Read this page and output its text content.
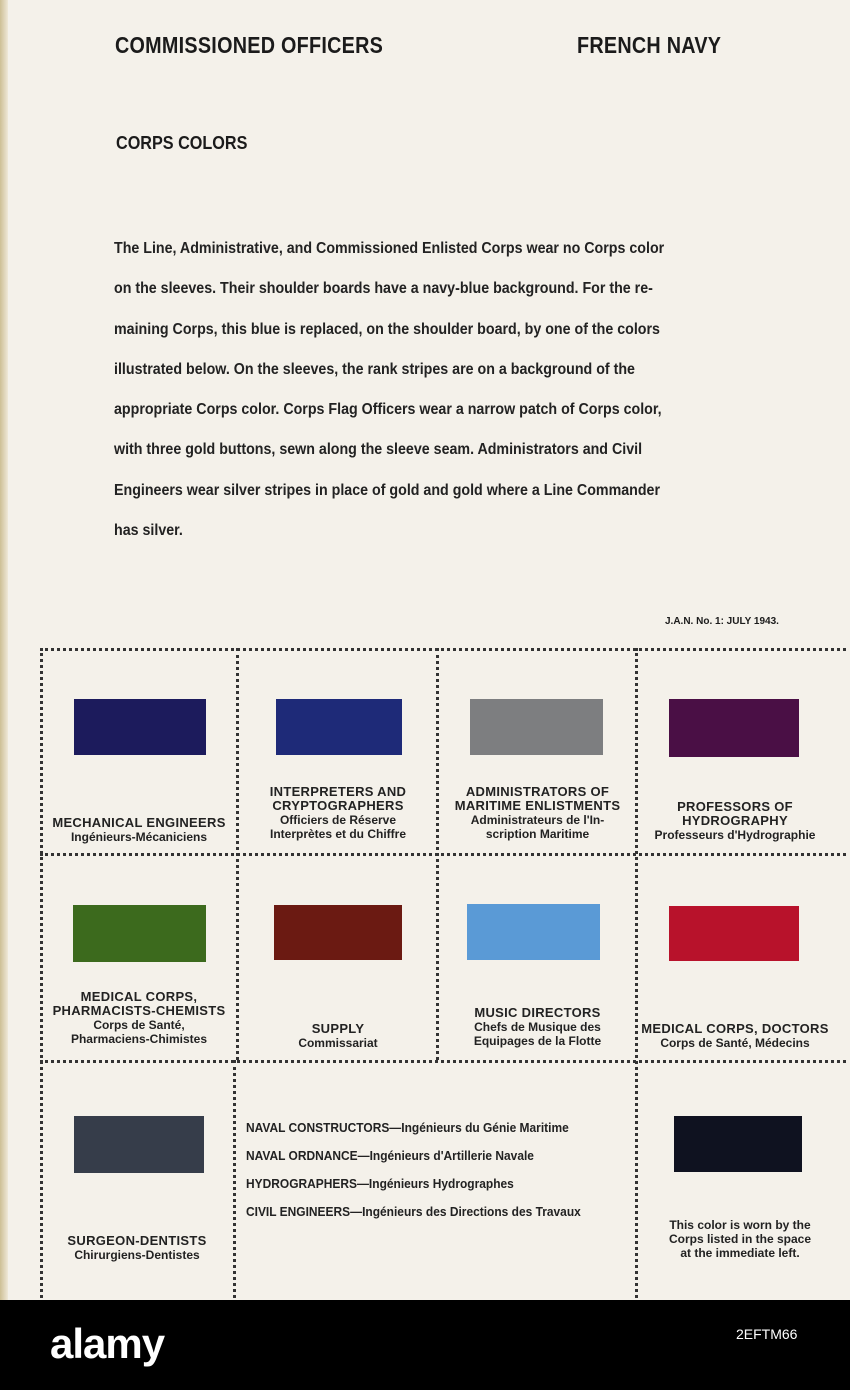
COMMISSIONED OFFICERS	FRENCH NAVY
CORPS COLORS
The Line, Administrative, and Commissioned Enlisted Corps wear no Corps color
on the sleeves. Their shoulder boards have a navy-blue background. For the re-
maining Corps, this blue is replaced, on the shoulder board, by one of the colors
illustrated below. On the sleeves, the rank stripes are on a background of the
appropriate Corps color. Corps Flag Officers wear a narrow patch of Corps color,
with three gold buttons, sewn along the sleeve seam. Administrators and Civil
Engineers wear silver stripes in place of gold and gold where a Line Commander
has silver.
J.A.N. No. 1: JULY 1943.
MECHANICAL ENGINEERS
Ingénieurs-Mécaniciens
INTERPRETERS AND
CRYPTOGRAPHERS
Officiers de Réserve
Interprètes et du Chiffre
ADMINISTRATORS OF
MARITIME ENLISTMENTS
Administrateurs de l'In-
scription Maritime
PROFESSORS OF
HYDROGRAPHY
Professeurs d'Hydrographie
MEDICAL CORPS,
PHARMACISTS-CHEMISTS
Corps de Santé,
Pharmaciens-Chimistes
SUPPLY
Commissariat
MUSIC DIRECTORS
Chefs de Musique des
Equipages de la Flotte
MEDICAL CORPS, DOCTORS
Corps de Santé, Médecins
SURGEON-DENTISTS
Chirurgiens-Dentistes
NAVAL CONSTRUCTORS—Ingénieurs du Génie Maritime
NAVAL ORDNANCE—Ingénieurs d'Artillerie Navale
HYDROGRAPHERS—Ingénieurs Hydrographes
CIVIL ENGINEERS—Ingénieurs des Directions des Travaux
This color is worn by the
Corps listed in the space
at the immediate left.
alamy	2EFTM66
